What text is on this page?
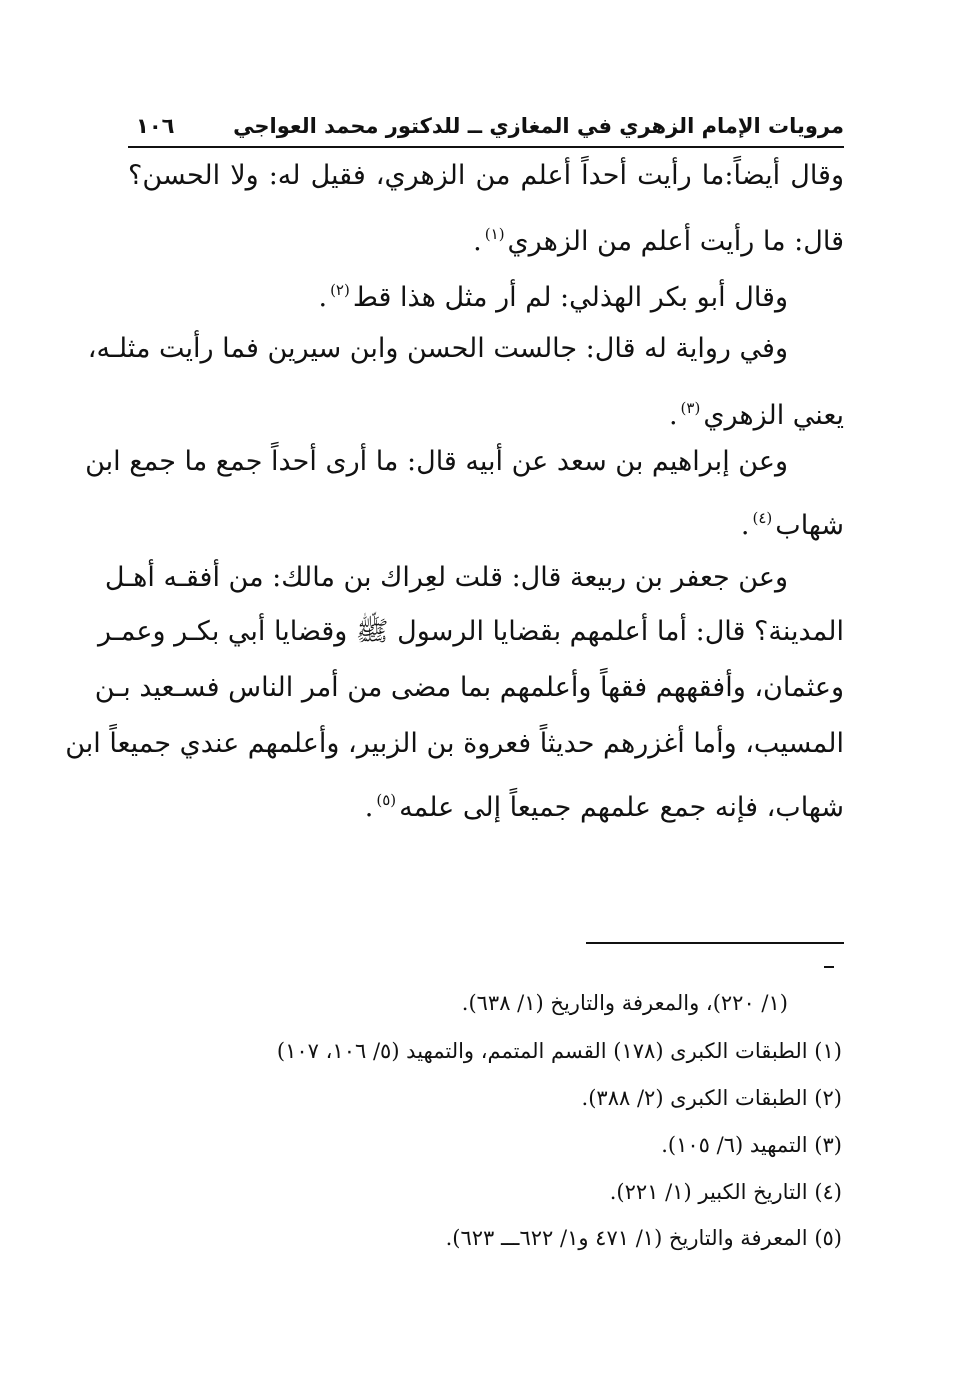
مرويات الإمام الزهري في المغازي ــ للدكتور محمد العواجي
١٠٦
وقال أيضاً:ما رأيت أحداً أعلم من الزهري، فقيل له: ولا الحسن؟
قال: ما رأيت أعلم من الزهري$^{(١)}$.
وقال أبو بكر الهذلي: لم أر مثل هذا قط$^{(٢)}$.
وفي رواية له قال: جالست الحسن وابن سيرين فما رأيت مثلـه،
يعني الزهري$^{(٣)}$.
وعن إبراهيم بن سعد عن أبيه قال: ما أرى أحداً جمع ما جمع ابن
شهاب$^{(٤)}$.
وعن جعفر بن ربيعة قال: قلت لعِراك بن مالك: من أفقـه أهـل
المدينة؟ قال: أما أعلمهم بقضايا الرسول ﷺ وقضايا أبي بكـر وعمـر
وعثمان، وأفقههم فقهاً وأعلمهم بما مضى من أمر الناس فسـعيد بـن
المسيب، وأما أغزرهم حديثاً فعروة بن الزبير، وأعلمهم عندي جميعاً ابن
شهاب، فإنه جمع علمهم جميعاً إلى علمه$^{(٥)}$.
(١/ ٢٢٠)، والمعرفة والتاريخ (١/ ٦٣٨).
(١) الطبقات الكبرى (١٧٨) القسم المتمم، والتمهيد (٥/ ١٠٦، ١٠٧)
(٢) الطبقات الكبرى (٢/ ٣٨٨).
(٣) التمهيد (٦/ ١٠٥).
(٤) التاريخ الكبير (١/ ٢٢١).
(٥) المعرفة والتاريخ (١/ ٤٧١ و١/ ٦٢٢ـــ ٦٢٣).
